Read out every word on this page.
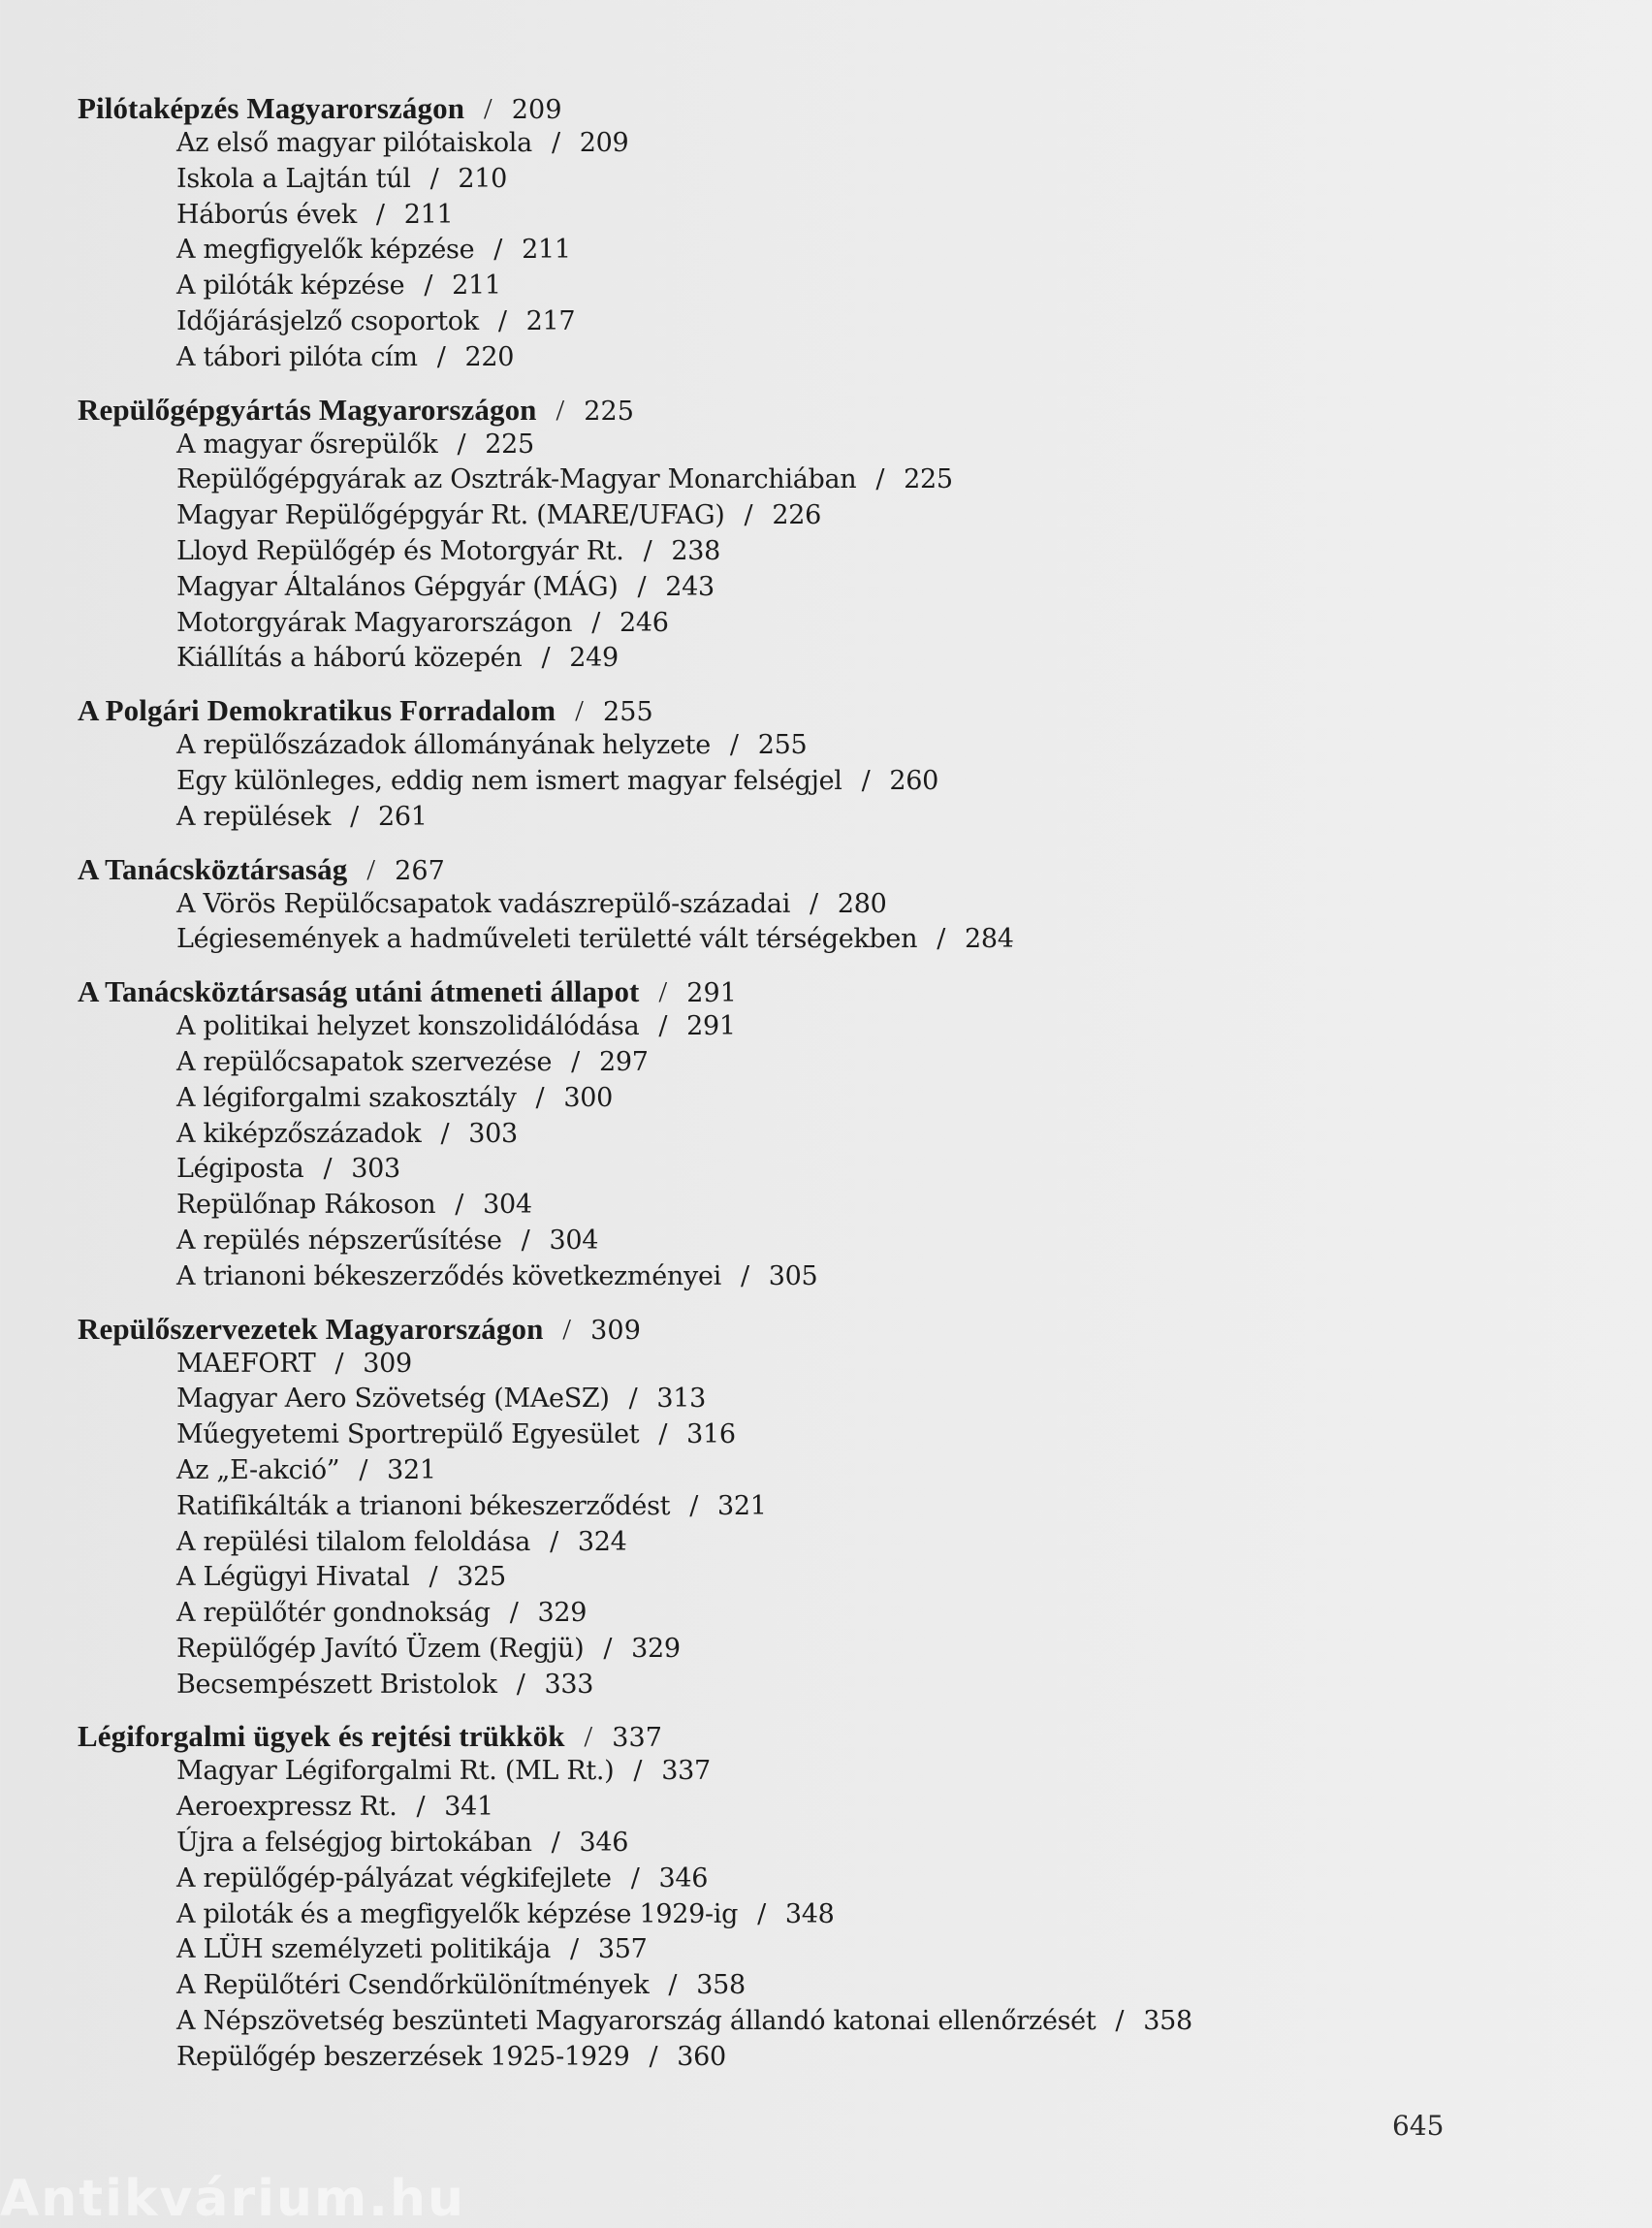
Pilótaképzés Magyarországon / 209
Az első magyar pilótaiskola / 209
Iskola a Lajtán túl / 210
Háborús évek / 211
A megfigyelők képzése / 211
A pilóták képzése / 211
Időjárásjelző csoportok / 217
A tábori pilóta cím / 220
Repülőgépgyártás Magyarországon / 225
A magyar ősrepülők / 225
Repülőgépgyárak az Osztrák-Magyar Monarchiában / 225
Magyar Repülőgépgyár Rt. (MARE/UFAG) / 226
Lloyd Repülőgép és Motorgyár Rt. / 238
Magyar Általános Gépgyár (MÁG) / 243
Motorgyárak Magyarországon / 246
Kiállítás a háború közepén / 249
A Polgári Demokratikus Forradalom / 255
A repülőszázadok állományának helyzete / 255
Egy különleges, eddig nem ismert magyar felségjel / 260
A repülések / 261
A Tanácsköztársaság / 267
A Vörös Repülőcsapatok vadászrepülő-századai / 280
Légiesemények a hadműveleti területté vált térségekben / 284
A Tanácsköztársaság utáni átmeneti állapot / 291
A politikai helyzet konszolidálódása / 291
A repülőcsapatok szervezése / 297
A légiforgalmi szakosztály / 300
A kiképzőszázadok / 303
Légiposta / 303
Repülőnap Rákoson / 304
A repülés népszerűsítése / 304
A trianoni békeszerződés következményei / 305
Repülőszervezetek Magyarországon / 309
MAEFORT / 309
Magyar Aero Szövetség (MAeSZ) / 313
Műegyetemi Sportrepülő Egyesület / 316
Az „E-akció” / 321
Ratifikálták a trianoni békeszerződést / 321
A repülési tilalom feloldása / 324
A Légügyi Hivatal / 325
A repülőtér gondnokság / 329
Repülőgép Javító Üzem (Regjü) / 329
Becsempészett Bristolok / 333
Légiforgalmi ügyek és rejtési trükkök / 337
Magyar Légiforgalmi Rt. (ML Rt.) / 337
Aeroexpressz Rt. / 341
Újra a felségjog birtokában / 346
A repülőgép-pályázat végkifejlete / 346
A piloták és a megfigyelők képzése 1929-ig / 348
A LÜH személyzeti politikája / 357
A Repülőtéri Csendőrkülönítmények / 358
A Népszövetség beszünteti Magyarország állandó katonai ellenőrzését / 358
Repülőgép beszerzések 1925-1929 / 360
645
Antikvárium.hu
